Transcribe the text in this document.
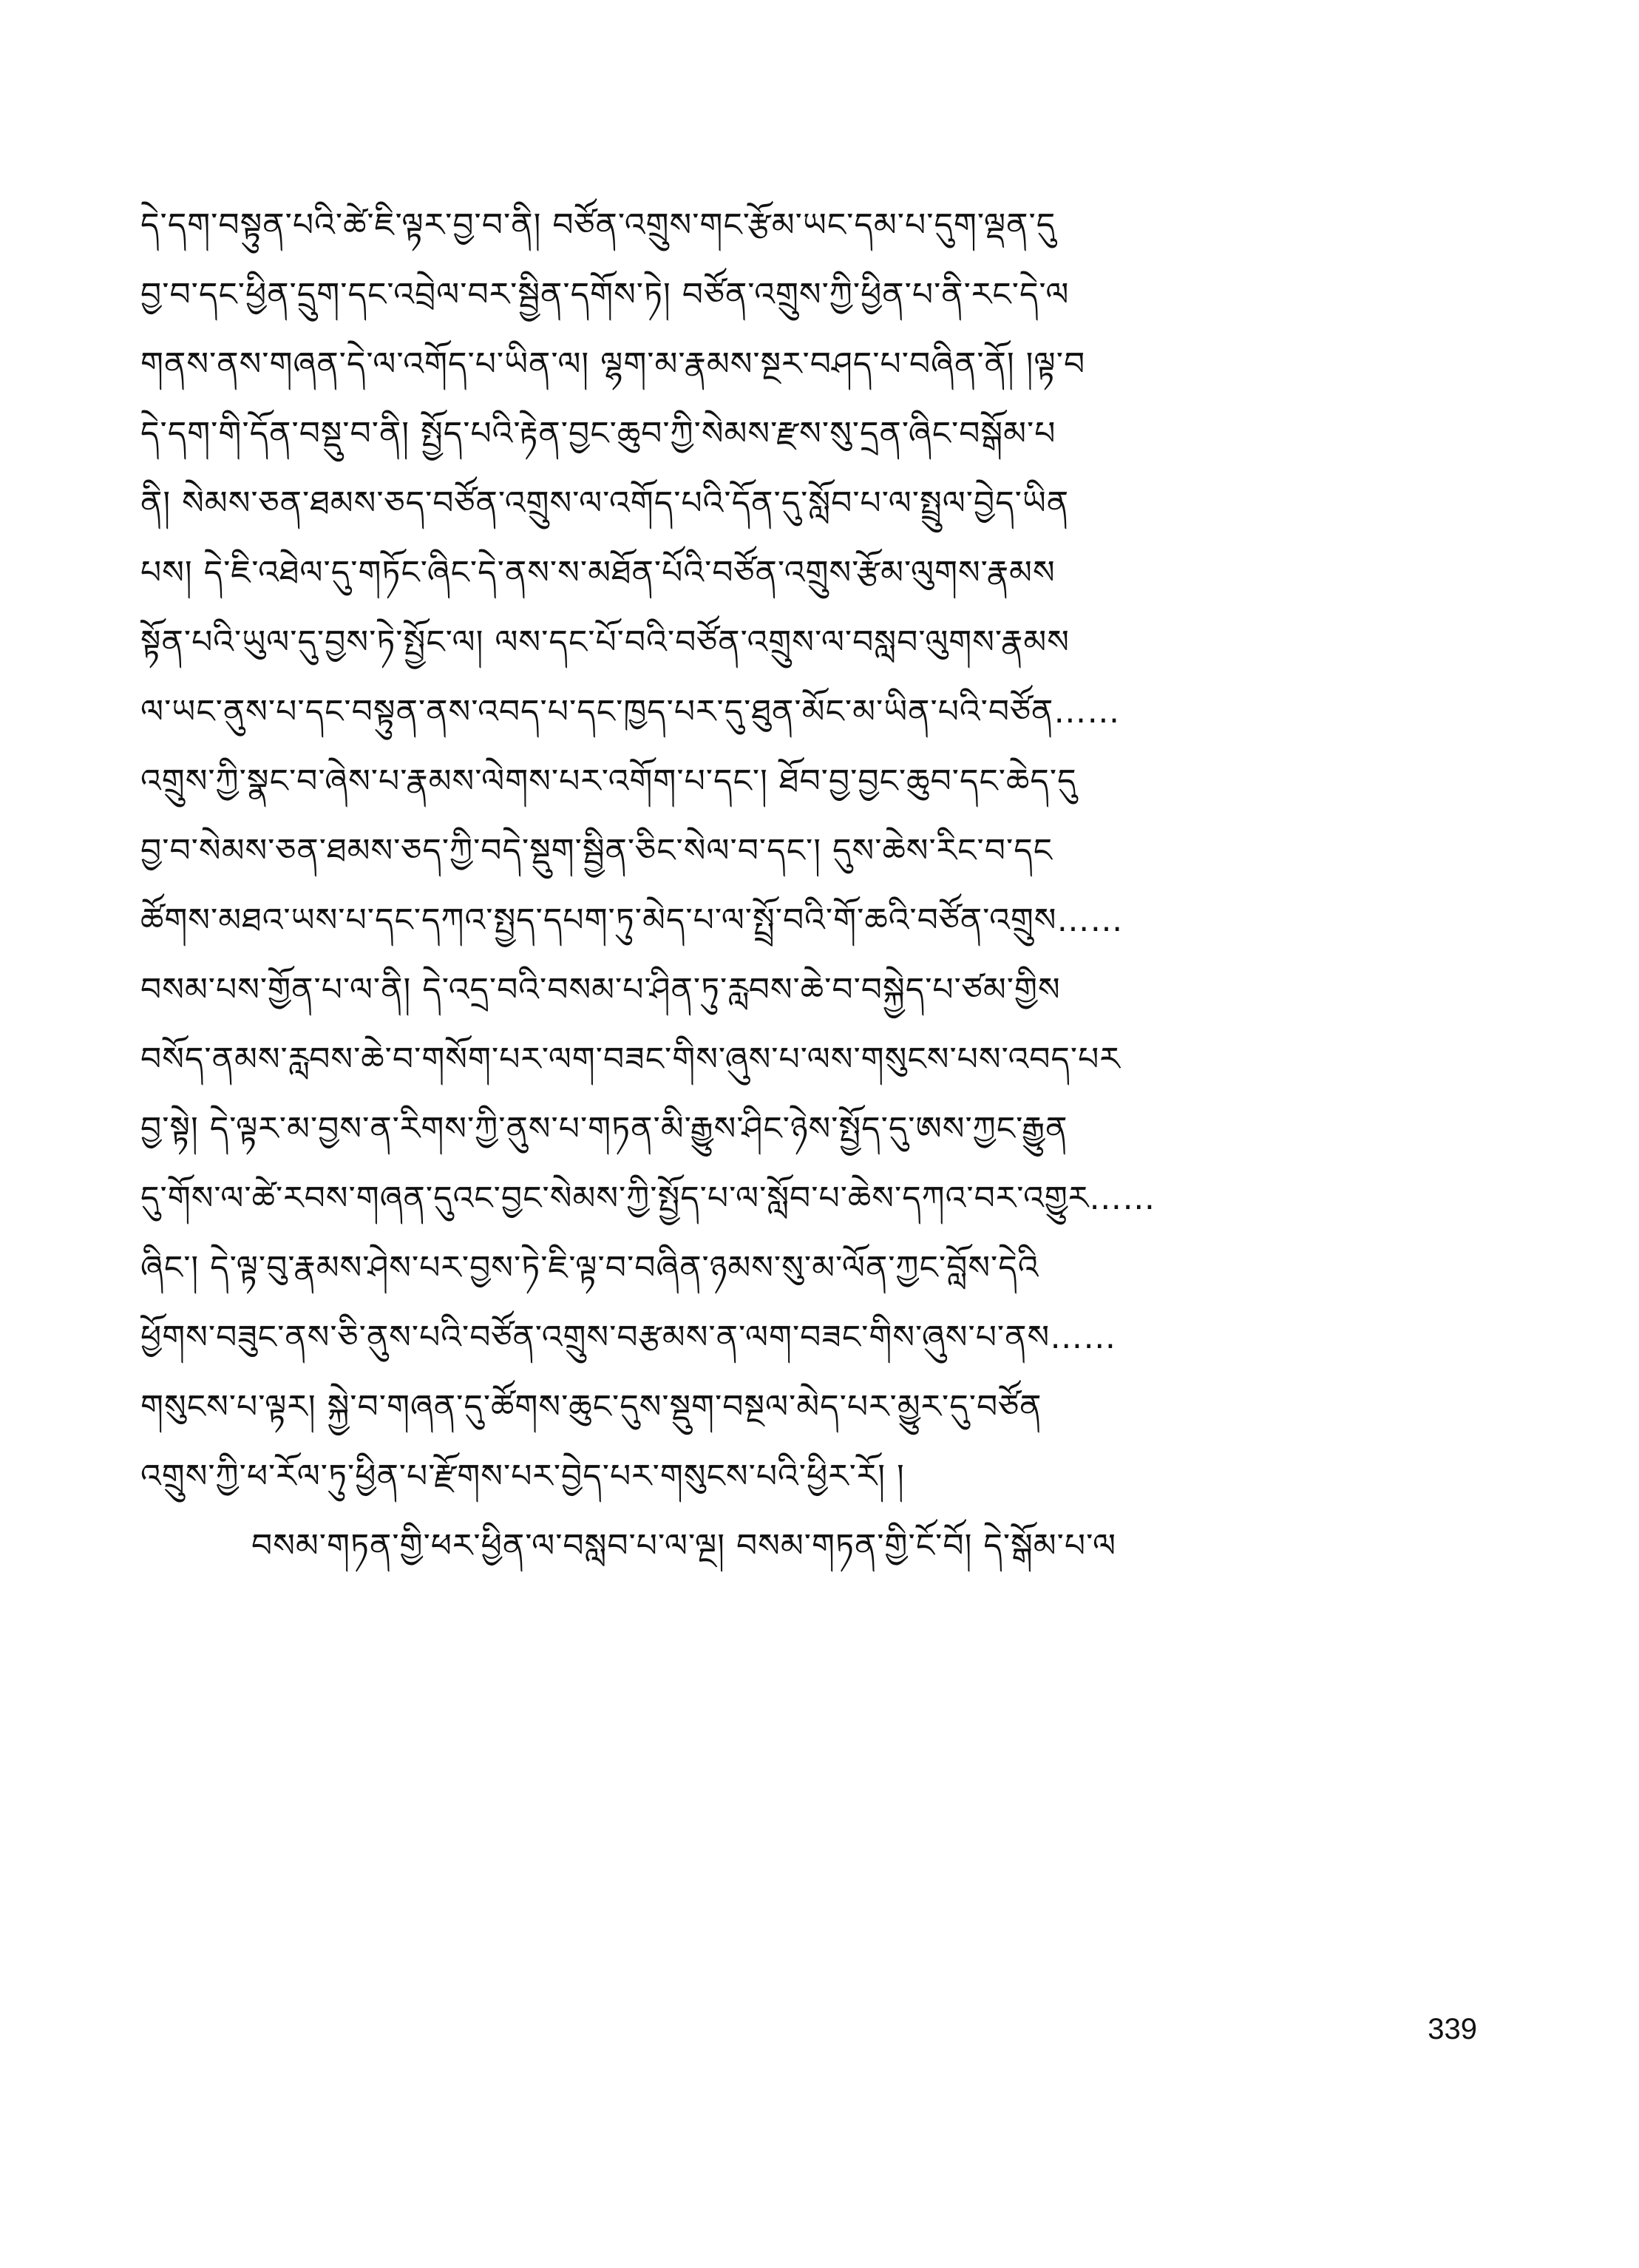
དེ་དག་བསྟུན་པའི་ཚེ་ཇི་ལྟར་བྱ་བ་ནི། བཙོན་འགྲུས་གང་རྩོམ་ཡང་དམ་པ་དུག་ལྡན་དུ
བྱ་བ་དང་ཕྱིན་དྲུག་དང་འབྲེལ་བར་སྦྱིན་དགོས་ཏེ། བཙོན་འགྲུས་ཀྱི་ཕྱིན་པ་ནི་རང་དེ་ལ
གནས་ནས་གཞན་དེ་ལ་འགོད་པ་ཡིན་ལ། ལྷག་མ་རྣམས་སྔར་བཤད་པ་བཞིན་ནོ། །ལྟ་བ
དེ་དག་གི་དོན་བསྡུ་བ་ནི། སྤྱོད་པའི་རྟེན་བྱང་ཆུབ་ཀྱི་སེམས་རྫས་སུ་དྲན་ཞིང་བསྒོམ་པ
ནི། སེམས་ཅན་ཐམས་ཅད་བཙོན་འགྲུས་ལ་འགོད་པའི་དོན་དུ་སློབ་པ་ལ་སྤྲུལ་བྱེད་ཡིན
པས། དེ་ཇི་འཐེལ་དུ་གཏོང་ཞིང་དེ་ནས་ས་མཐོན་པོའི་བཙོན་འགྲུས་རྩོམ་ལུགས་རྣམས
སྟོན་པའི་ཡུལ་དུ་བྱས་ཏེ་སྤྱོང་ལ། ལས་དང་པོ་བའི་བཙོན་འགྲུས་ལ་བསླབ་ལུགས་རྣམས
ལ་ཡང་ནུས་པ་དང་བསྟུན་ནས་འབད་པ་དང་ཁྱད་པར་དུ་ཐུན་མོང་མ་ཡིན་པའི་བཙོན……
འགྲུས་ཀྱི་སྣང་བ་ཞེས་པ་རྣམས་ལེགས་པར་འགོག་པ་དང་། ཐོབ་བྱ་བྱང་ཆུབ་དང་ཆེད་དུ
བྱ་བ་སེམས་ཅན་ཐམས་ཅད་ཀྱི་བདེ་སྡུག་སྦྱིན་ཅིང་སེལ་བ་དང་། དུས་ཆེས་རིང་བ་དང
ཚོགས་མཐའ་ཡས་པ་དང་དཀའ་སྤྱད་དཔག་ཏུ་མེད་པ་ལ་སྤྲོ་བའི་གོ་ཆའི་བཙོན་འགྲུས……
བསམ་པས་གྱོན་པ་ལ་ནི། དེ་འདྲ་བའི་བསམ་པ་ཤིན་ཏུ་རླབས་ཆེ་བ་བསྐྱེད་པ་ཙམ་གྱིས
བསོད་ནམས་རླབས་ཆེ་བ་གསོག་པར་ལག་བཟང་གིས་ཞུས་པ་ལས་གསུངས་པས་འབད་པར
བྱ་སྟེ། དེ་ལྟར་མ་བྱས་ན་རིགས་ཀྱི་ནུས་པ་གཏན་མི་རྒྱུས་ཤིང་ཉེས་སྤྱོད་དུ་ཨས་ཀྱང་རྒྱུན
དུ་གོས་ལ་ཚེ་རབས་གཞན་དུའང་བྱང་སེམས་ཀྱི་སྤྱོད་པ་ལ་སློབ་པ་ཆེས་དཀའ་བར་འགྱུར……
ཞིང་། དེ་ལྟ་བུ་རྣམས་ཤེས་པར་བྱས་ཏེ་ཇི་ལྟ་བ་བཞིན་ཉམས་སུ་མ་ལོན་ཀྱང་བློས་དེའི
ཕྱོགས་བཟུང་ནས་ཅི་ནུས་པའི་བཙོན་འགྲུས་བརྩམས་ན་ལག་བཟང་གིས་ཞུས་པ་ནས……
གསུངས་པ་ལྟར། སྐྱེ་བ་གཞན་དུ་ཚོགས་ཆུང་དུས་སྡུག་བསྔལ་མེད་པར་མྱུར་དུ་བཙོན
འགྲུས་ཀྱི་ཕ་རོལ་ཏུ་ཕྱིན་པ་རྫོགས་པར་བྱེད་པར་གསུངས་པའི་ཕྱིར་རོ། །
བསམ་གཏན་གྱི་ཕར་ཕྱིན་ལ་བསླབ་པ་ལ་ལྔ། བསམ་གཏན་གྱི་ངོ་བོ། དེ་སྒོམ་པ་ལ
339
